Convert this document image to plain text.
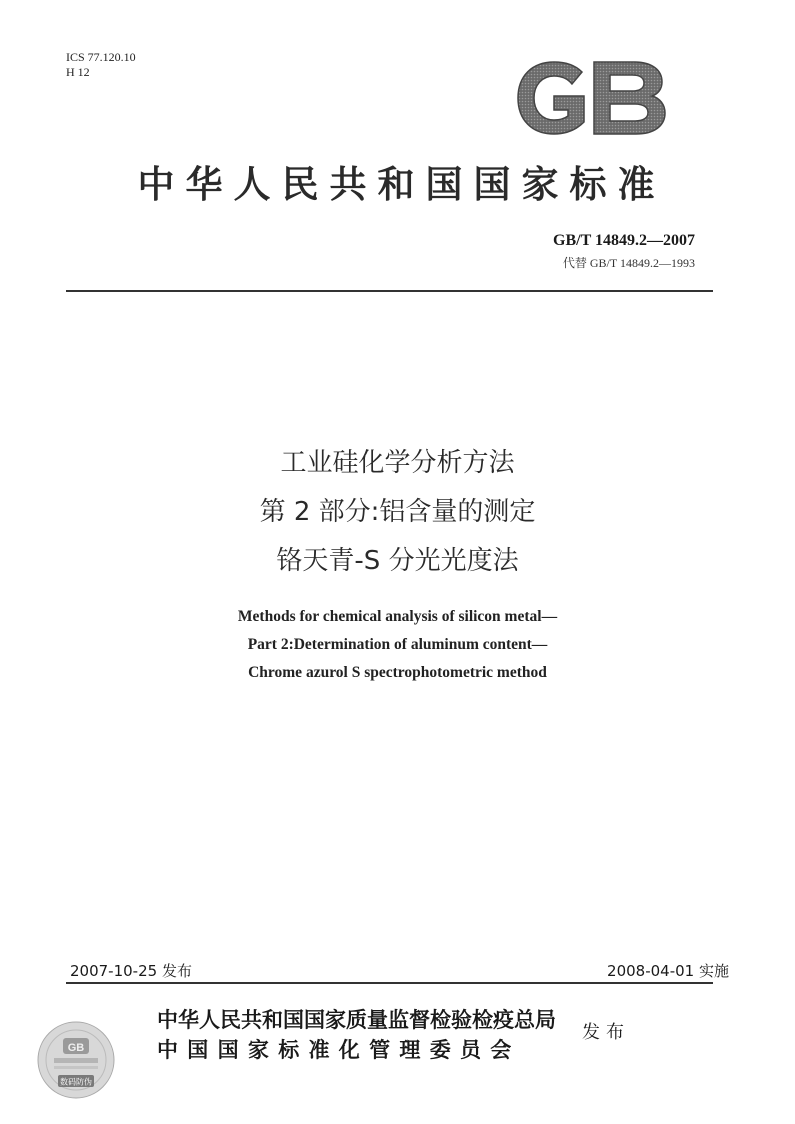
ICS 77.120.10
H 12
中华人民共和国国家标准
GB/T 14849.2—2007
代替 GB/T 14849.2—1993
工业硅化学分析方法
第 2 部分:铝含量的测定
铬天青-S 分光光度法
Methods for chemical analysis of silicon metal—
Part 2:Determination of aluminum content—
Chrome azurol S spectrophotometric method
2007-10-25 发布	2008-04-01 实施
GB
数码防伪
中华人民共和国国家质量监督检验检疫总局
中国国家标准化管理委员会
发布
